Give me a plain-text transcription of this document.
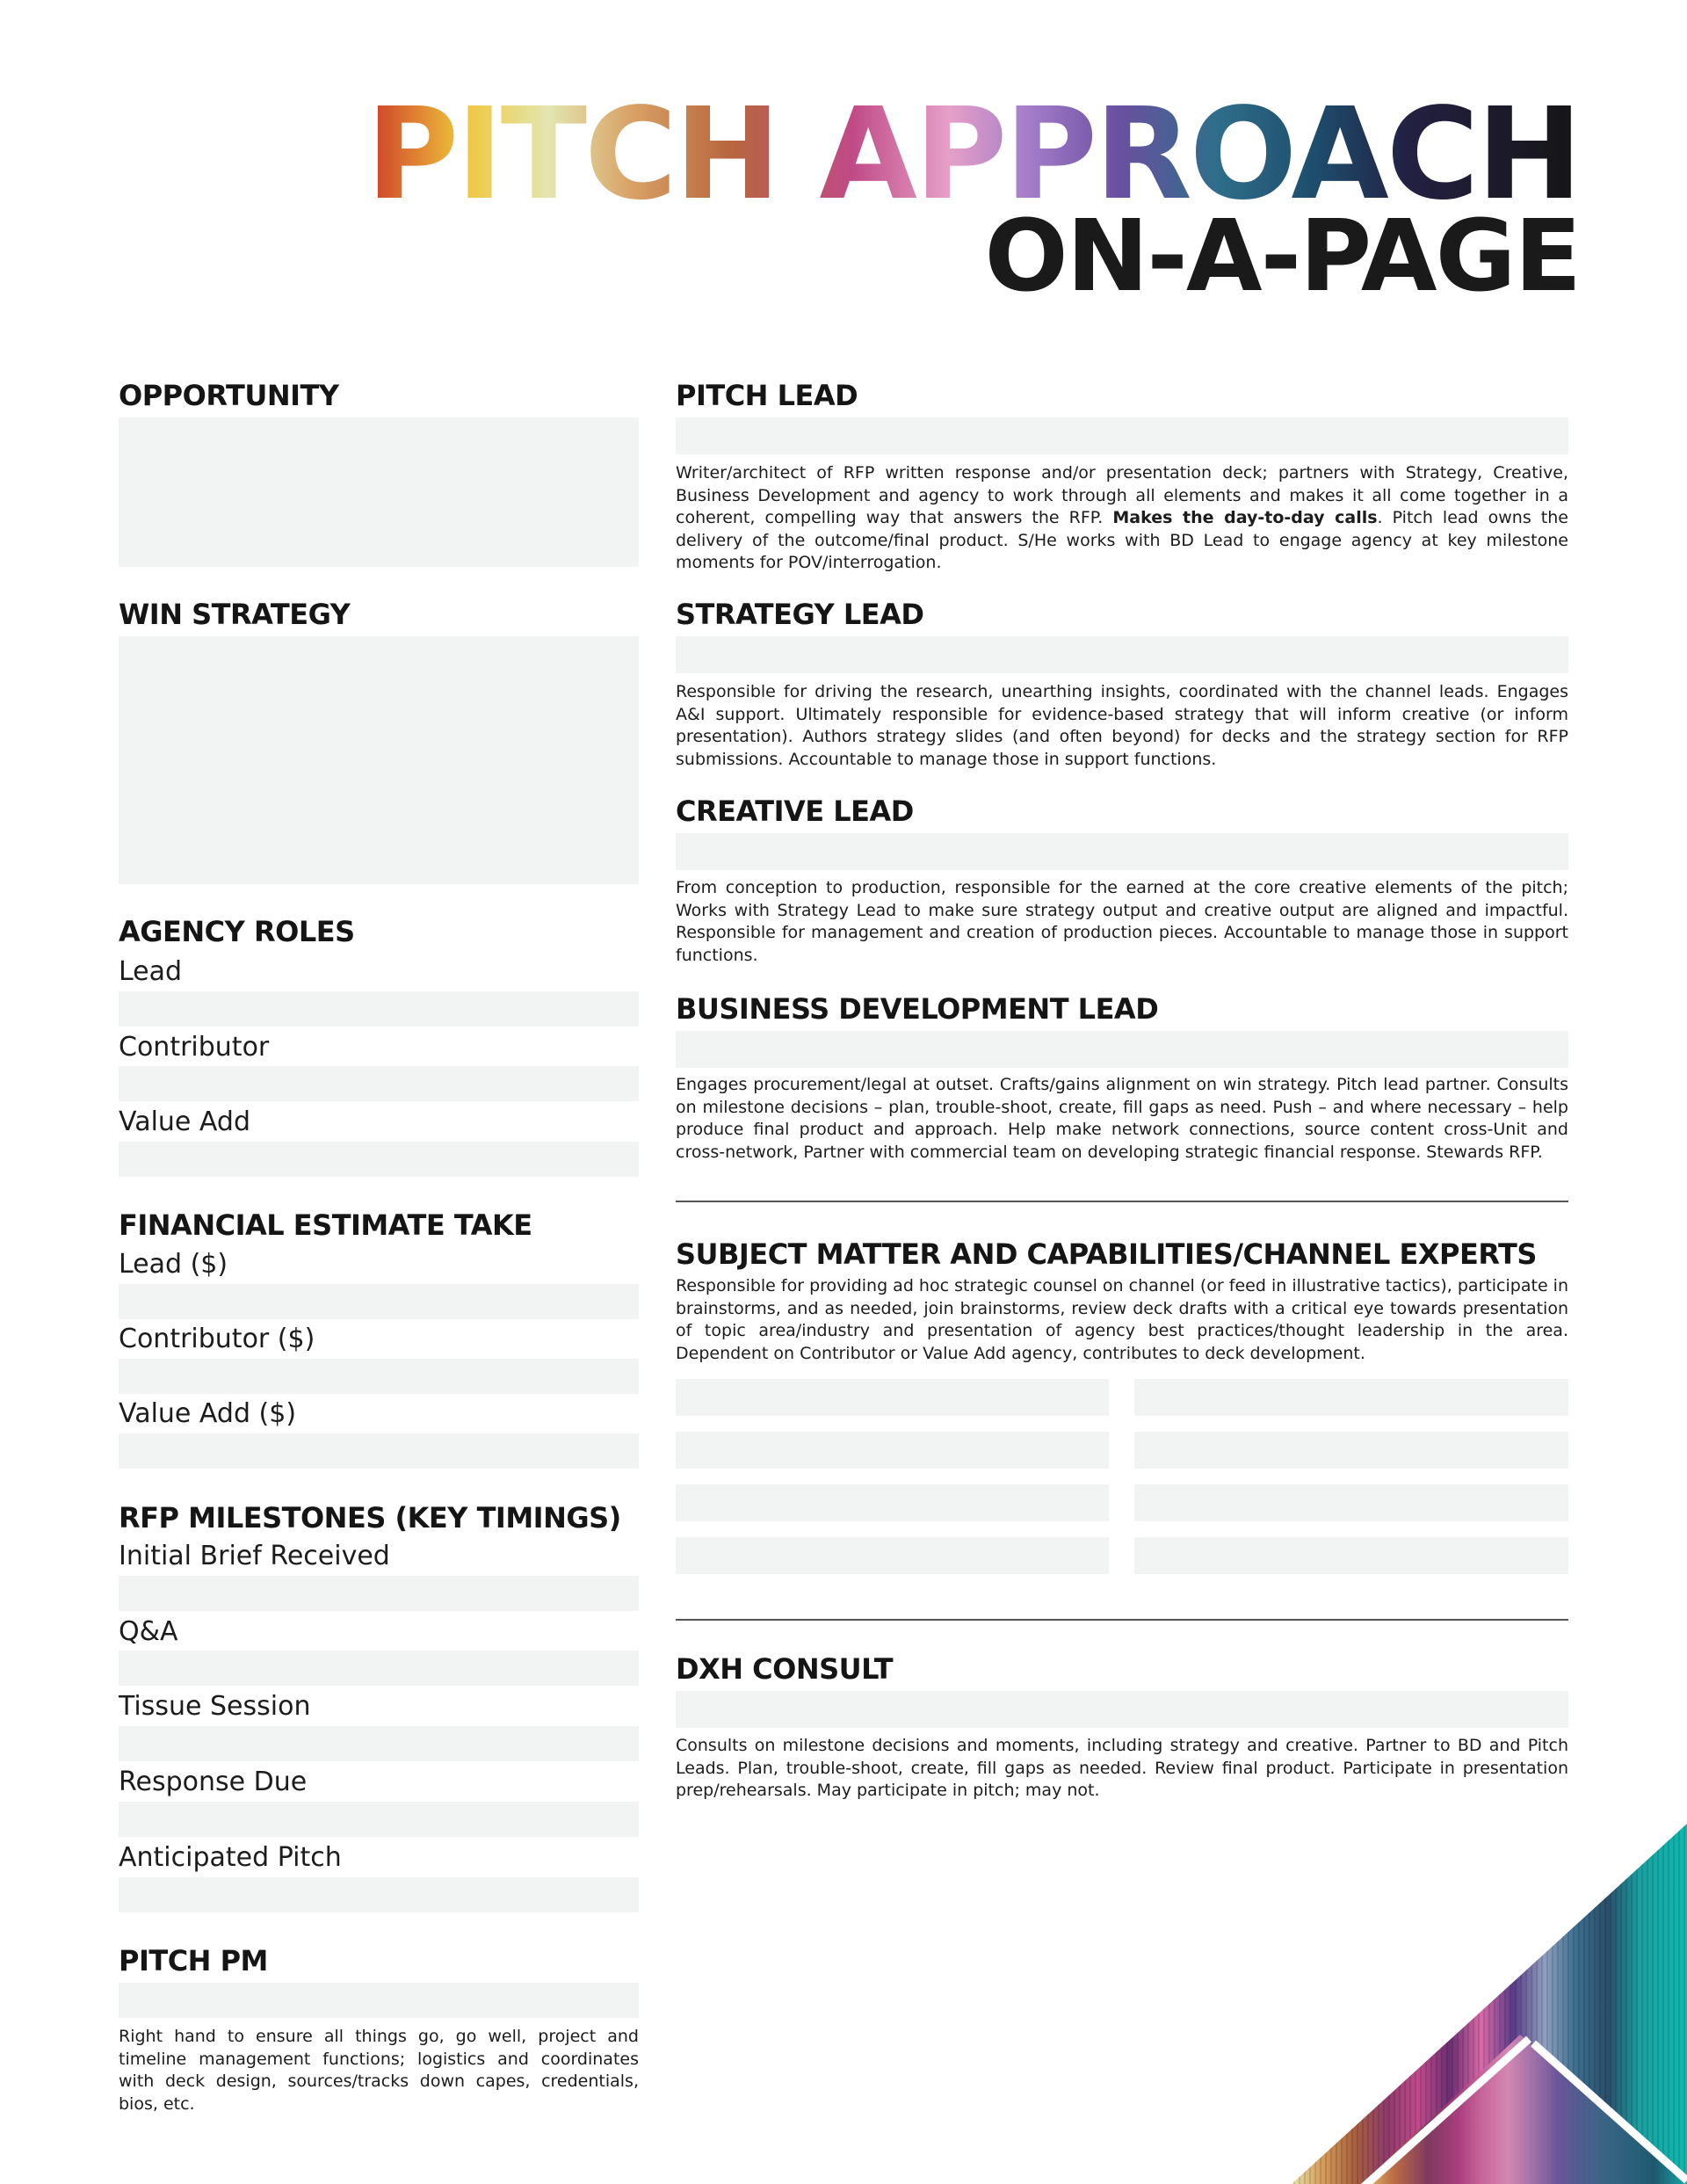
PITCH APPROACH
ON-A-PAGE
OPPORTUNITY
WIN STRATEGY
AGENCY ROLES
Lead
Contributor
Value Add
FINANCIAL ESTIMATE TAKE
Lead ($)
Contributor ($)
Value Add ($)
RFP MILESTONES (KEY TIMINGS)
Initial Brief Received
Q&A
Tissue Session
Response Due
Anticipated Pitch
PITCH PM

Right hand to ensure all things go, go well, project and timeline management functions; logistics and coordinates with deck design, sources/tracks down capes, credentials, bios, etc.

PITCH LEAD

Writer/architect of RFP written response and/or presentation deck; partners with Strategy, Creative, Business Development and agency to work through all elements and makes it all come together in a coherent, compelling way that answers the RFP. Makes the day-to-day calls. Pitch lead owns the delivery of the outcome/final product. S/He works with BD Lead to engage agency at key milestone moments for POV/interrogation.

STRATEGY LEAD

Responsible for driving the research, unearthing insights, coordinated with the channel leads. Engages A&I support. Ultimately responsible for evidence-based strategy that will inform creative (or inform presentation). Authors strategy slides (and often beyond) for decks and the strategy section for RFP submissions. Accountable to manage those in support functions.

CREATIVE LEAD

From conception to production, responsible for the earned at the core creative elements of the pitch; Works with Strategy Lead to make sure strategy output and creative output are aligned and impactful. Responsible for management and creation of production pieces. Accountable to manage those in support functions.

BUSINESS DEVELOPMENT LEAD

Engages procurement/legal at outset. Crafts/gains alignment on win strategy. Pitch lead partner. Consults on milestone decisions – plan, trouble-shoot, create, fill gaps as need. Push – and where necessary – help produce final product and approach. Help make network connections, source content cross-Unit and cross-network, Partner with commercial team on developing strategic financial response. Stewards RFP.

SUBJECT MATTER AND CAPABILITIES/CHANNEL EXPERTS

Responsible for providing ad hoc strategic counsel on channel (or feed in illustrative tactics), participate in brainstorms, and as needed, join brainstorms, review deck drafts with a critical eye towards presentation of topic area/industry and presentation of agency best practices/thought leadership in the area. Dependent on Contributor or Value Add agency, contributes to deck development.

DXH CONSULT

Consults on milestone decisions and moments, including strategy and creative. Partner to BD and Pitch Leads. Plan, trouble-shoot, create, fill gaps as needed. Review final product. Participate in presentation prep/rehearsals. May participate in pitch; may not.
